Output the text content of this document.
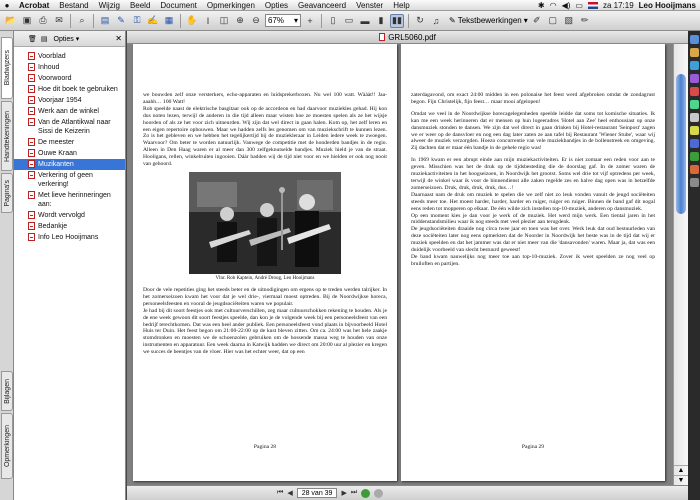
●	Acrobat	Bestand	Wijzig	Beeld	Document	Opmerkingen	Opties	Geavanceerd	Venster	Help	✱ ◠ ◀) ▭	za 17:19 Leo Hooijmans
📂 ▣ ⎙ ✉	⌕	▤ ✎ ⚿ ✍ ▦	✋	I	◫ ⊕ ⊖	67% ▾	+	▯	▭ ▬	▮ ▮▮	↻ ♫	✎ Tekstbewerkingen ▾ ✐ ▢ ▧ ✏
Bladwijzers
Handtekeningen
Pagina's
Bijlagen
Opmerkingen
🗑 ▤ Opties ▾	✕
Voorblad
Inhoud
Voorwoord
Hoe dit boek te gebruiken
Voorjaar 1954
Werk aan de winkel
Van de Atlantikwal naar Sissi de Keizerin
De meester
Ouwe Kraan
Muzikanten
Verkering of geen verkering!
Met lieve herinneringen aan:
Wordt vervolgd
Bedankje
Info Leo Hooijmans
GRL5060.pdf

we bouwden zelf onze versterkers, echo-apparaten en luidsprekerboxen. Nu wel 100 watt. Wàààt!! Jaa-aaahh… 100 Watt!

Rob speelde naast de elektrische basgitaar ook op de accordeon en had daarvoor muziekles gehad. Hij kon dus noten lezen, terwijl de anderen in die tijd alleen maar wisten hoe ze moesten spelen als ze het wijsje hoorden of als ze het voor zich uitneurden. Wij zijn dat wel direct in gaan halen. Kom op, het zelf leren en een eigen repertoire opbouwen. Maar we hadden zelfs les genomen om van muziekschrift te kunnen lezen. Zo is het gebleven en we hebben het tegelijkertijd bij de muziekleraar in Leiden iedere week te zwoegen. Waarvoor? Om beter te worden natuurlijk. Vanwege de competitie met de honderden bandjes in de regio. Alleen in Den Haag waren er al meer dan 300 zelfgeknutselde bandjes. Muziek hield je van de straat. Hooligans, rellen, winkelruiten ingooien. Dáár hadden wij de tijd niet voor en we hielden er ook nog nooit van gehoord.

Vlnr. Rob Kaptein, André Droog, Leo Hooijmans

Door de vele repetities ging het steeds beter en de uitnodigingen om ergens op te treden werden talrijker. In het zomerseizoen kwam het voor dat je wel drie-, viermaal moest optreden. Bij de Noordwijkse horeca, personeelsfeesten en vooral de jeugdsociëteiten waren we populair.

Je had bij dit soort feestjes ook met cultuurverschillen, zeg maar cultuurschokken rekening te houden. Als je de ene week gewoon dit soort feestjes speelde, dan kon je de volgende week bij een personeelsfeest van een bedrijf terechtkomen. Dat was een heel ander publiek. Een personeelsfeest vond plaats in bijvoorbeeld Hotel Huis ter Duin. Het feest begon om 21:00-22:00 op de kust bleven zitten. Om ca. 24:00 was het hele zaakje stomdronken en moesten we de schoenzolen gebruiken om de hossende massa weg te houden van onze instrumenten en apparatuur. Een week daarna in Katwijk hadden we direct om 20:00 uur al plezier en kregen we succes de beentjes van de vloer. Hier was het echter weer, dat op een

Pagina 28

zaterdagavond, om exact 24:00 midden in een polonaise het feest werd afgebroken omdat de zondagrust begon. Fijn Christelijk, fijn feest… maar mooi afgelopen!

Omdat we veel in de Noordwijkse horecagelegenheden speelde leidde dat soms tot komische situaties. Ik kan me een week herinneren dat er mensen op hun logeeradres 'Hotel aan Zee' heel enthousiast op onze dansmuziek stonden te dansen. We zijn dat wel direct in gaan drinken bij Hotel-restaurant 'Seinpost' zagen we er weer op de dansvloer en nog een dag later zaten ze aan tafel bij Restaurant 'Wiener Stube', waar wij alweer de muziek verzorgden. Hoezo concurrentie van vele muziekbandjes in de bollenstreek en omgeving. Zij dachten dat er maar één bandje in de gehele regio was!

In 1969 kwam er een abrupt einde aan mijn muziekactiviteiten. Er is niet zomaar een reden voor aan te geven. Misschien was het de druk op de tijdsbesteding die de doorslag gaf. In de zomer waren de muziekactiviteiten in het hoogseizoen, in Noordwijk het grootst. Soms wel drie tot vijf optredens per week, terwijl de winkel waar ik voor de binnendienst alle zaken regelde zes en halve dag open was in hetzelfde zomerseizoen. Druk, druk, druk, druk, dus…!

Daarnaast nam de druk om muziek te spelen die we zelf niet zo leuk vonden vanuit de jeugd sociëteiten steeds meer toe. Het moest harder, harder, harder en ruiger, ruiger en ruiger. Binnen de band gaf dit nogal eens reden tot mopperen op elkaar. De één wilde zich instellen top-10-muziek, anderen op dansmuziek.

Op een moment kies je dan voor je werk of de muziek. Het werd mijn werk. Een tiental jaren in het middenstandsmilieu waar ik nog steeds met veel plezier aan terugdenk.

De jeugdsociëteiten draaide nog circa twee jaar en toen was het over. Werk leuk dat oud bestuurleden van deze sociëteiten later nog eens opmerkten dat de Noorder in Noordwijk het beste was in de tijd dat wij er muziek speelden en dat het jammer was dat er niet meer van die 'dansavonden' waren. Maar ja, dat was een duidelijk voorbeeld van slecht bestuurd geweest!

De band kwam nauwelijks nog meer toe aan top-10-muziek. Zover ik weet speelden ze nog veel op bruiloften en partijen.

Pagina 29
▲
▼
⏮ ◀	28 van 39	▶ ⏭
